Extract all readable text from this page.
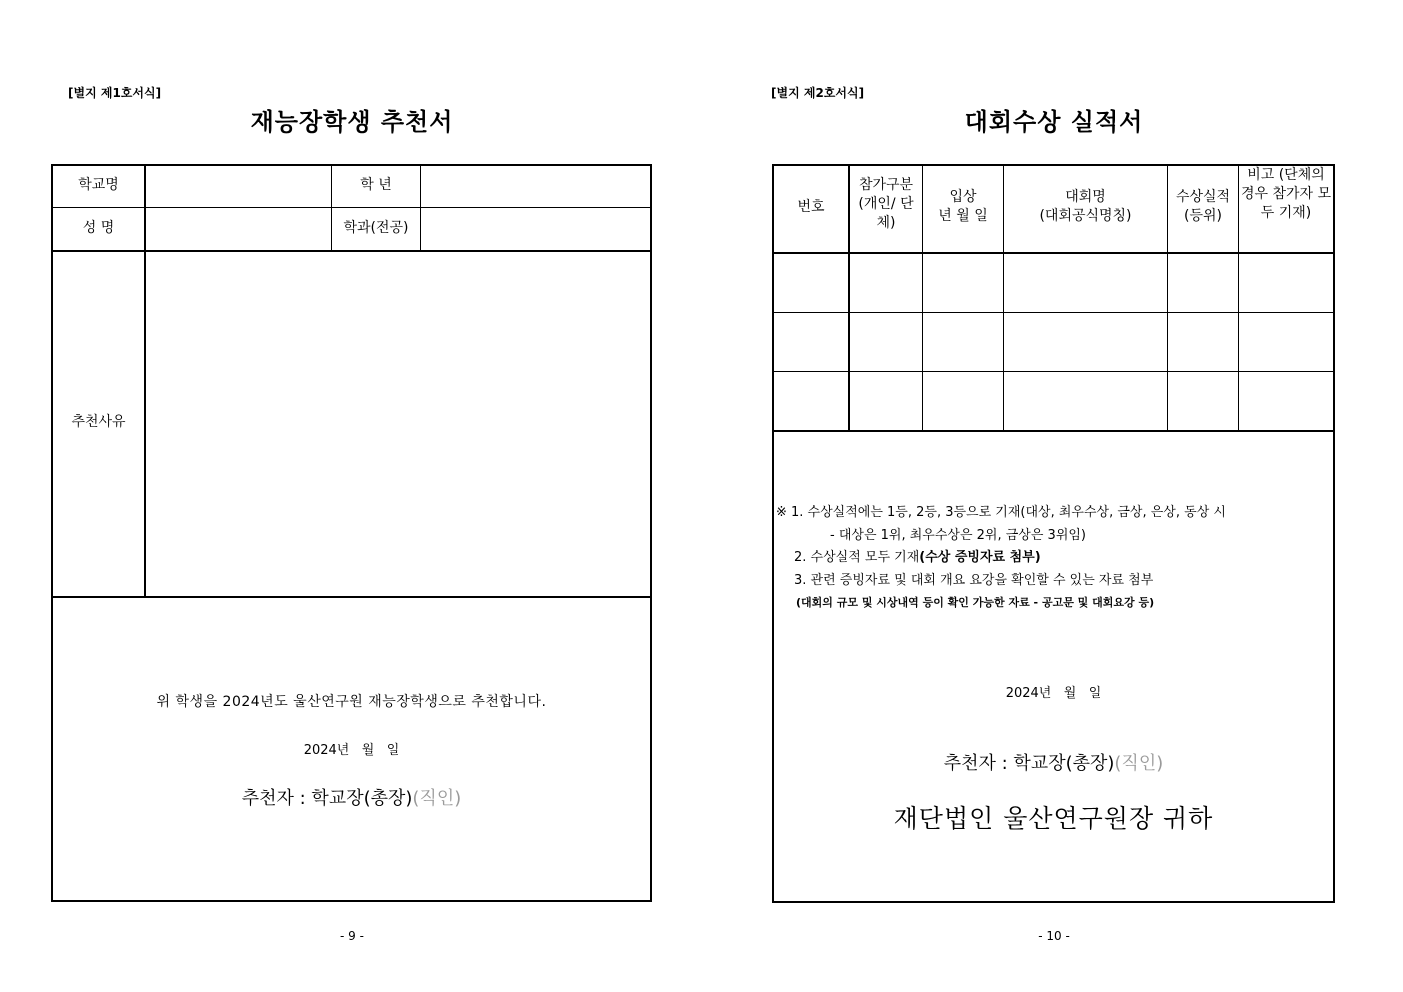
[별지 제1호서식]
재능장학생 추천서
학교명	학 년
성 명	학과(전공)
추천사유
위 학생을 2024년도 울산연구원 재능장학생으로 추천합니다.
2024년   월   일
추천자 : 학교장(총장)(직인)
- 9 -
[별지 제2호서식]
대회수상 실적서
번호
참가구분 (개인/ 단체)
입상
년 월 일
대회명
(대회공식명칭)
수상실적
(등위)
비고 (단체의 경우 참가자 모두 기재)
※ 1. 수상실적에는 1등, 2등, 3등으로 기재(대상, 최우수상, 금상, 은상, 동상 시
- 대상은 1위, 최우수상은 2위, 금상은 3위임)
2. 수상실적 모두 기재(수상 증빙자료 첨부)
3. 관련 증빙자료 및 대회 개요 요강을 확인할 수 있는 자료 첨부
(대회의 규모 및 시상내역 등이 확인 가능한 자료 - 공고문 및 대회요강 등)
2024년   월   일
추천자 : 학교장(총장)(직인)
재단법인 울산연구원장 귀하
- 10 -
